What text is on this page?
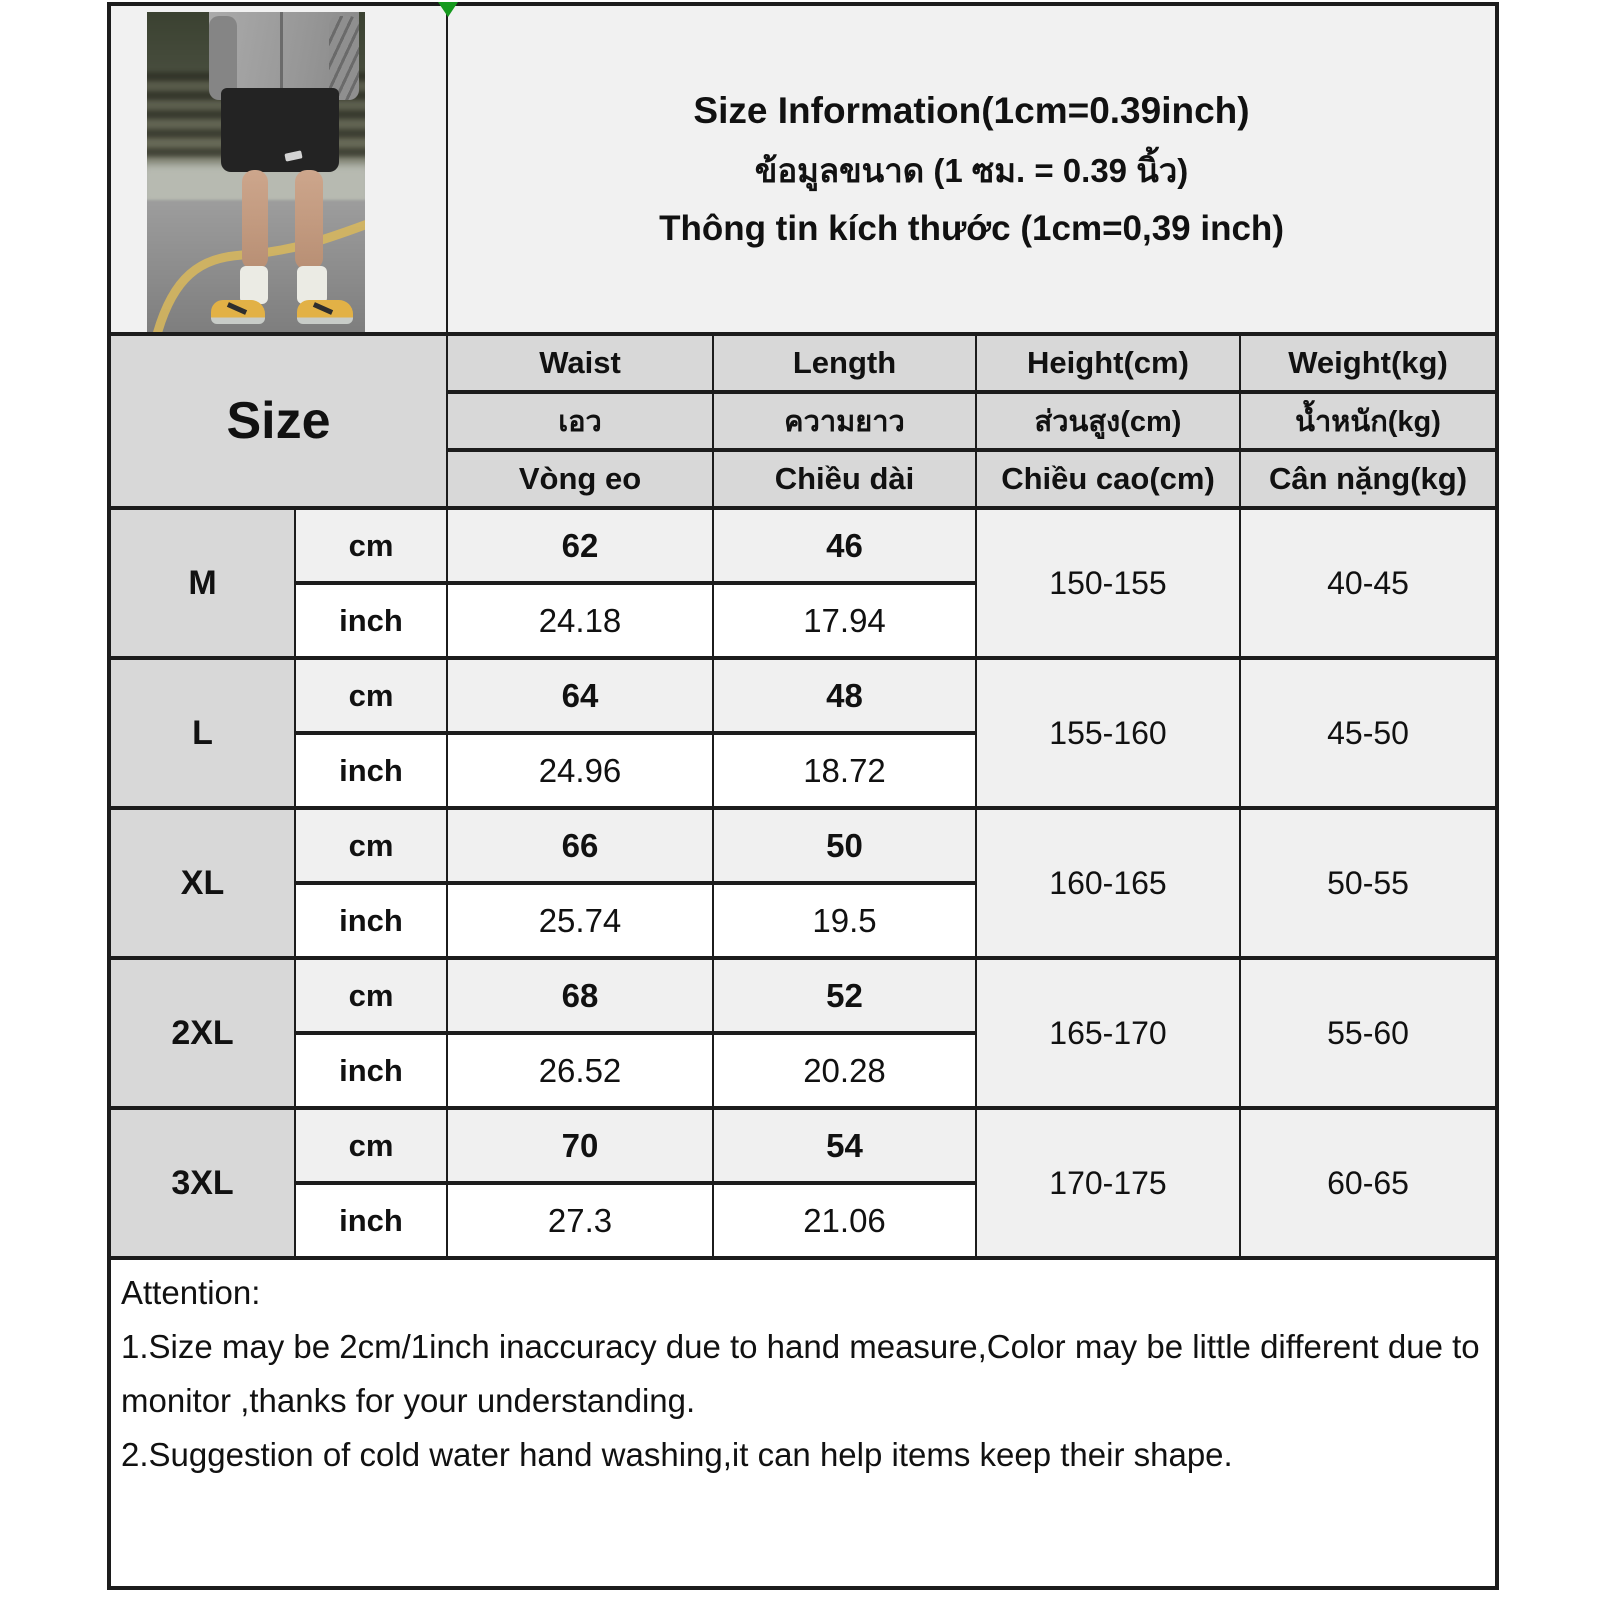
Size Information(1cm=0.39inch)
ข้อมูลขนาด (1 ซม. = 0.39 นิ้ว)
Thông tin kích thước (1cm=0,39 inch)			

Size		Waist	Length	Height(cm)	Weight(kg)
		เอว	ความยาว	ส่วนสูง(cm)	น้ำหนัก(kg)
		Vòng eo	Chiều dài	Chiều cao(cm)	Cân nặng(kg)
M	cm	62	46	150-155	40-45
	inch	24.18	17.94		
L	cm	64	48	155-160	45-50
	inch	24.96	18.72		
XL	cm	66	50	160-165	50-55
	inch	25.74	19.5		
2XL	cm	68	52	165-170	55-60
	inch	26.52	20.28		
3XL	cm	70	54	170-175	60-65
	inch	27.3	21.06		

Attention:
1.Size may be 2cm/1inch inaccuracy due to hand measure,Color may be little different due to monitor ,thanks for your understanding.
2.Suggestion of cold water hand washing,it can help items keep their shape.					
